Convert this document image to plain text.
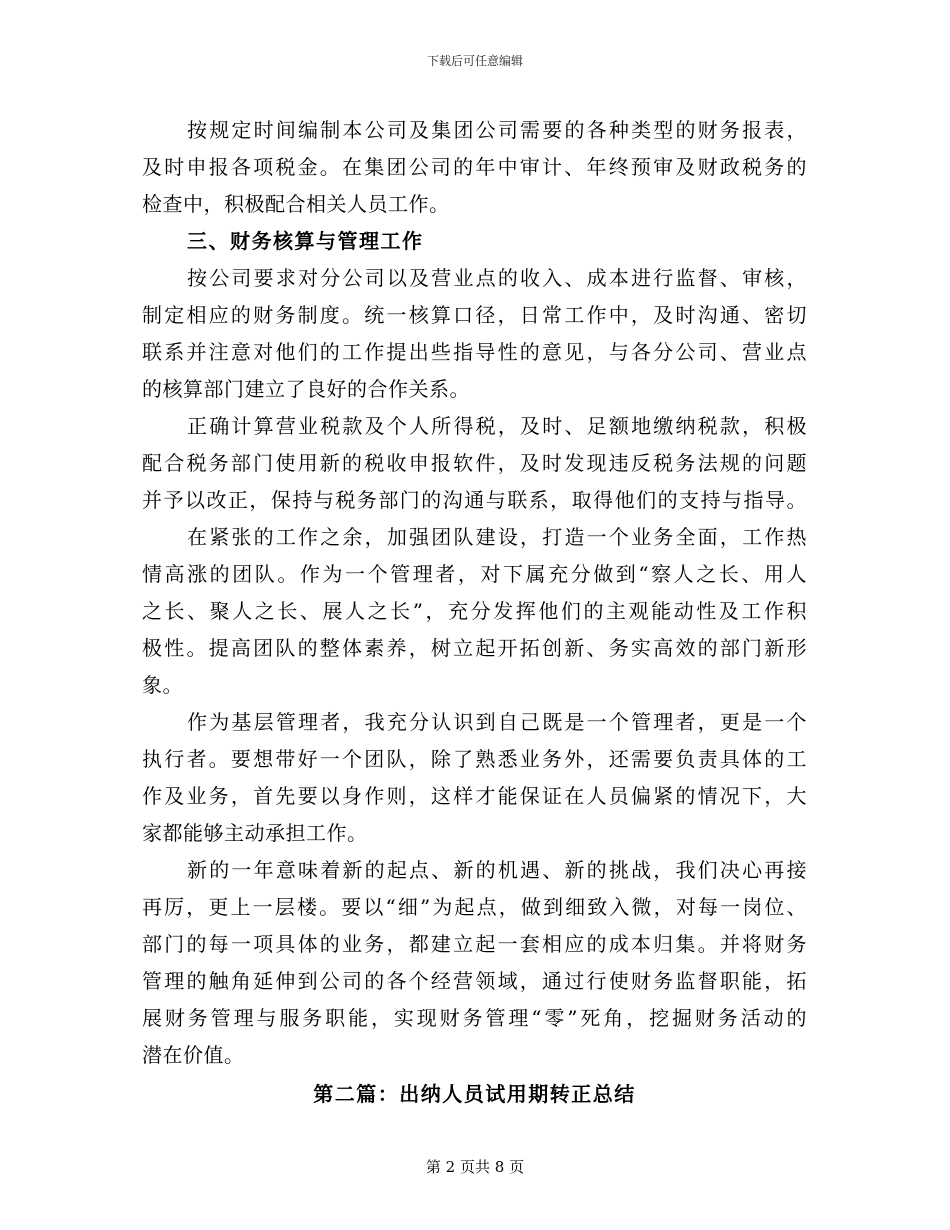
下载后可任意编辑
按规定时间编制本公司及集团公司需要的各种类型的财务报表，
及时申报各项税金。在集团公司的年中审计、年终预审及财政税务的
检查中，积极配合相关人员工作。
三、财务核算与管理工作
按公司要求对分公司以及营业点的收入、成本进行监督、审核，
制定相应的财务制度。统一核算口径，日常工作中，及时沟通、密切
联系并注意对他们的工作提出些指导性的意见，与各分公司、营业点
的核算部门建立了良好的合作关系。
正确计算营业税款及个人所得税，及时、足额地缴纳税款，积极
配合税务部门使用新的税收申报软件，及时发现违反税务法规的问题
并予以改正，保持与税务部门的沟通与联系，取得他们的支持与指导。
在紧张的工作之余，加强团队建设，打造一个业务全面，工作热
情高涨的团队。作为一个管理者，对下属充分做到“察人之长、用人
之长、聚人之长、展人之长”，充分发挥他们的主观能动性及工作积
极性。提高团队的整体素养，树立起开拓创新、务实高效的部门新形
象。
作为基层管理者，我充分认识到自己既是一个管理者，更是一个
执行者。要想带好一个团队，除了熟悉业务外，还需要负责具体的工
作及业务，首先要以身作则，这样才能保证在人员偏紧的情况下，大
家都能够主动承担工作。
新的一年意味着新的起点、新的机遇、新的挑战，我们决心再接
再厉，更上一层楼。要以“细”为起点，做到细致入微，对每一岗位、
部门的每一项具体的业务，都建立起一套相应的成本归集。并将财务
管理的触角延伸到公司的各个经营领域，通过行使财务监督职能，拓
展财务管理与服务职能，实现财务管理“零”死角，挖掘财务活动的
潜在价值。
第二篇：出纳人员试用期转正总结
第 2 页共 8 页
